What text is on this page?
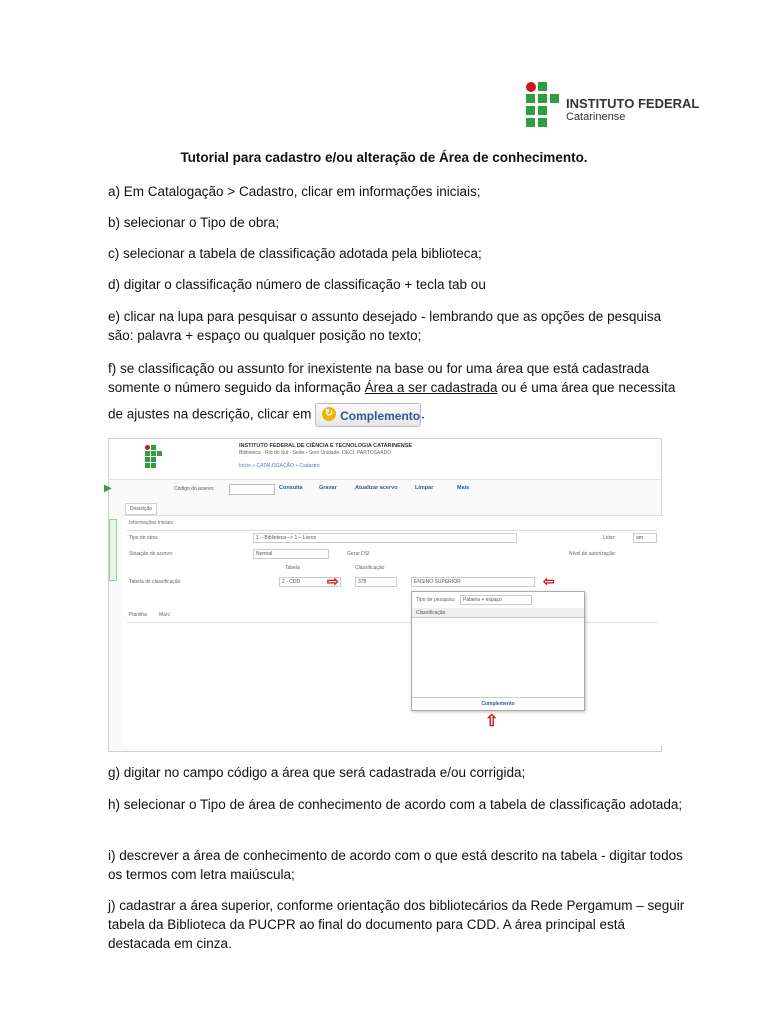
INSTITUTO FEDERAL
Catarinense
Tutorial para cadastro e/ou alteração de Área de conhecimento.
a) Em Catalogação > Cadastro, clicar em informações iniciais;
b) selecionar o Tipo de obra;
c) selecionar a tabela de classificação adotada pela biblioteca;
d) digitar o classificação número de classificação + tecla tab ou
e) clicar na lupa para pesquisar o assunto desejado - lembrando que as opções de pesquisa são: palavra + espaço ou qualquer posição no texto;
f) se classificação ou assunto for inexistente na base ou for uma área que está cadastrada somente o número seguido da informação Área a ser cadastrada ou é uma área que necessita
de ajustes na descrição, clicar em ↻ Complemento .
▶
INSTITUTO FEDERAL DE CIÊNCIA E TECNOLOGIA CATARINENSE
Biblioteca · Rio do Sul · Sede • Sem Unidade. OECI: PARTOSAADO
Início » CATALOGAÇÃO » Cadastro
Código do acervo:	Consulta	Gravar	Atualizar acervo	Limpar	Mais
Descrição
Informações iniciais
Tipo de obra:	1 – Biblioteca –> 1 – Livros	Líder:	am
Situação do acervo:	Normal	Gerar DSI	Nível de autorização:
Tabela	Classificação
Tabela de classificação	2 - CDD	378	ENSINO SUPERIOR
⇨	⇦
Planilha Marc
Tipo de pesquisa:	Palavra + espaço
Classificação
Complemento
⇧
g) digitar no campo código a área que será cadastrada e/ou corrigida;
h) selecionar o Tipo de área de conhecimento de acordo com a tabela de classificação adotada;
i) descrever a área de conhecimento de acordo com o que está descrito na tabela - digitar todos os termos com letra maiúscula;
j) cadastrar a área superior, conforme orientação dos bibliotecários da Rede Pergamum – seguir tabela da Biblioteca da PUCPR ao final do documento para CDD. A área principal está destacada em cinza.
